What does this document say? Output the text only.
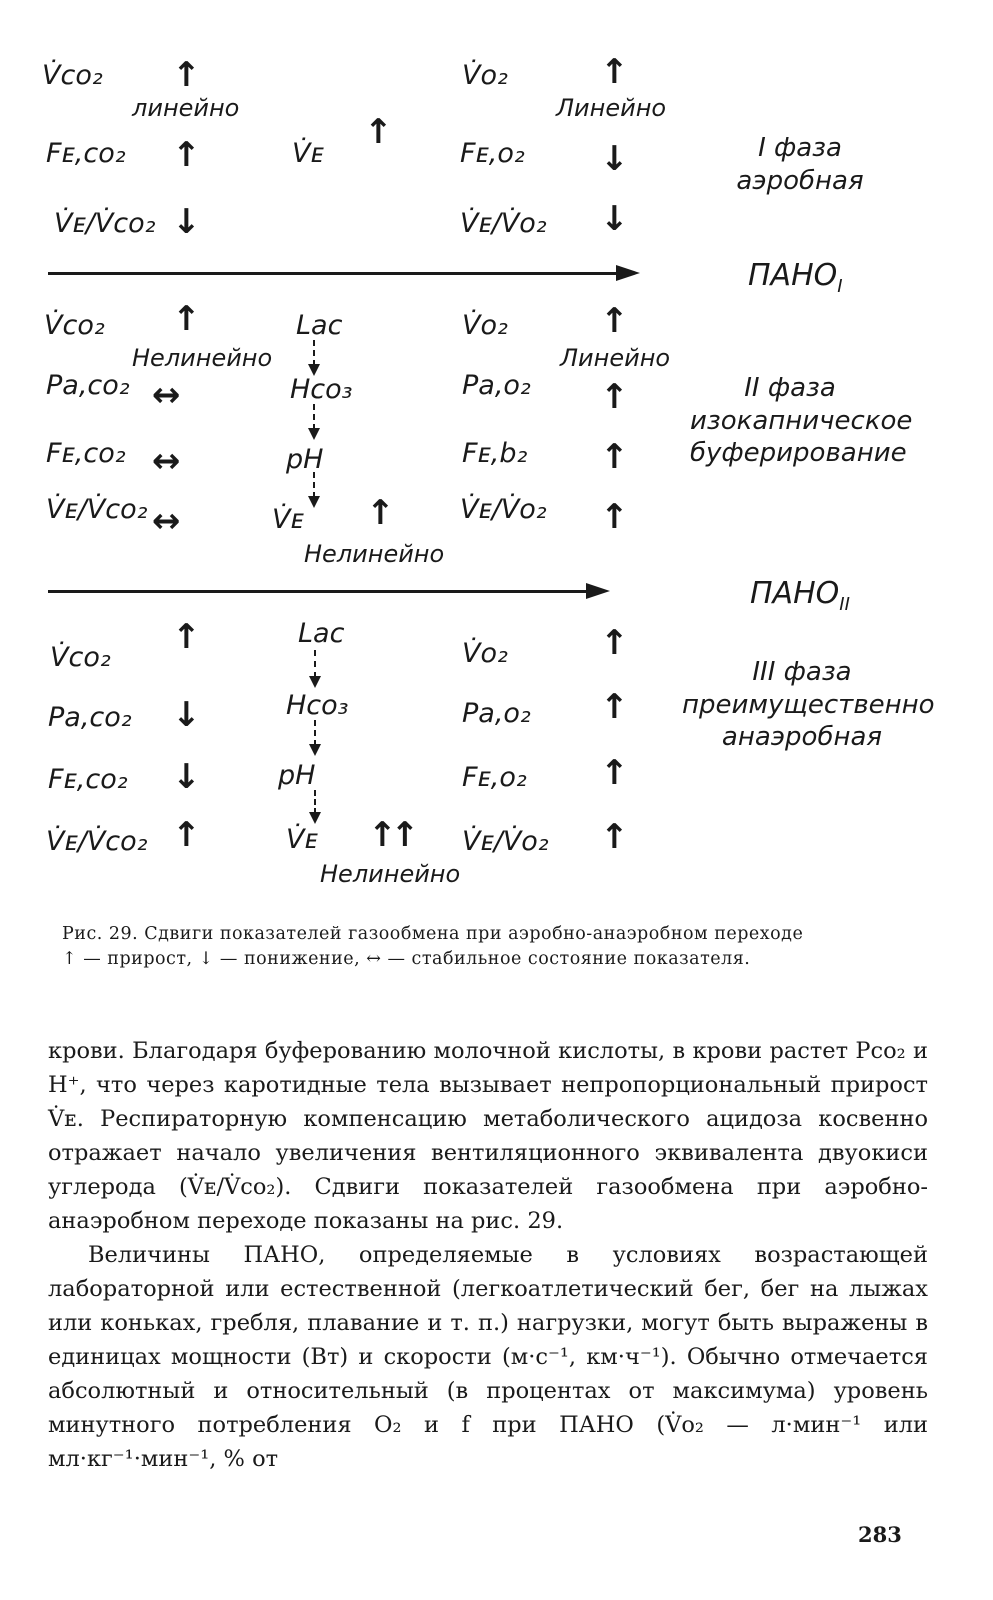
V̇co₂ ↑
линейно
Fᴇ,co₂ ↑
V̇ᴇ/V̇co₂ ↓
V̇ᴇ
↑
V̇o₂	↑
Линейно
Fᴇ,o₂ ↓
V̇ᴇ/V̇o₂ ↓
I фаза
аэробная
$ПАНО_I$
V̇co₂ ↑
Нелинейно
Pa,co₂ ↔
Fᴇ,co₂ ↔
V̇ᴇ/V̇co₂ ↔
Lac
Hco₃
pH
V̇ᴇ ↑
Нелинейно
V̇o₂	↑
Линейно
Pa,o₂ ↑
Fᴇ,b₂ ↑
V̇ᴇ/V̇o₂ ↑
II фаза
изокапническое
буферирование
$ПАНО_{II}$
V̇co₂
↑
Pa,co₂ ↓
Fᴇ,co₂ ↓
V̇ᴇ/V̇co₂ ↑
Lac
Hco₃
pH
V̇ᴇ ↑↑
Нелинейно
V̇o₂	↑
Pa,o₂ ↑
Fᴇ,o₂ ↑
V̇ᴇ/V̇o₂ ↑
III фаза
преимущественно
анаэробная
Рис. 29. Сдвиги показателей газообмена при аэробно-анаэробном переходе
↑ — прирост, ↓ — понижение, ↔ — стабильное состояние показателя.

крови. Благодаря буферованию молочной кислоты, в крови растет Pco₂ и H⁺, что через каротидные тела вызывает непропорциональный прирост V̇ᴇ. Респираторную компенсацию метаболического ацидоза косвенно отражает начало увеличения вентиляционного эквивалента двуокиси углерода (V̇ᴇ/V̇co₂). Сдвиги показателей газообмена при аэробно-анаэробном переходе показаны на рис. 29.

Величины ПАНО, определяемые в условиях возрастающей лабораторной или естественной (легкоатлетический бег, бег на лыжах или коньках, гребля, плавание и т. п.) нагрузки, могут быть выражены в единицах мощности (Вт) и скорости (м·с⁻¹, км·ч⁻¹). Обычно отмечается абсолютный и относительный (в процентах от максимума) уровень минутного потребления O₂ и f при ПАНО (V̇o₂ — л·мин⁻¹ или мл·кг⁻¹·мин⁻¹, % от

283
